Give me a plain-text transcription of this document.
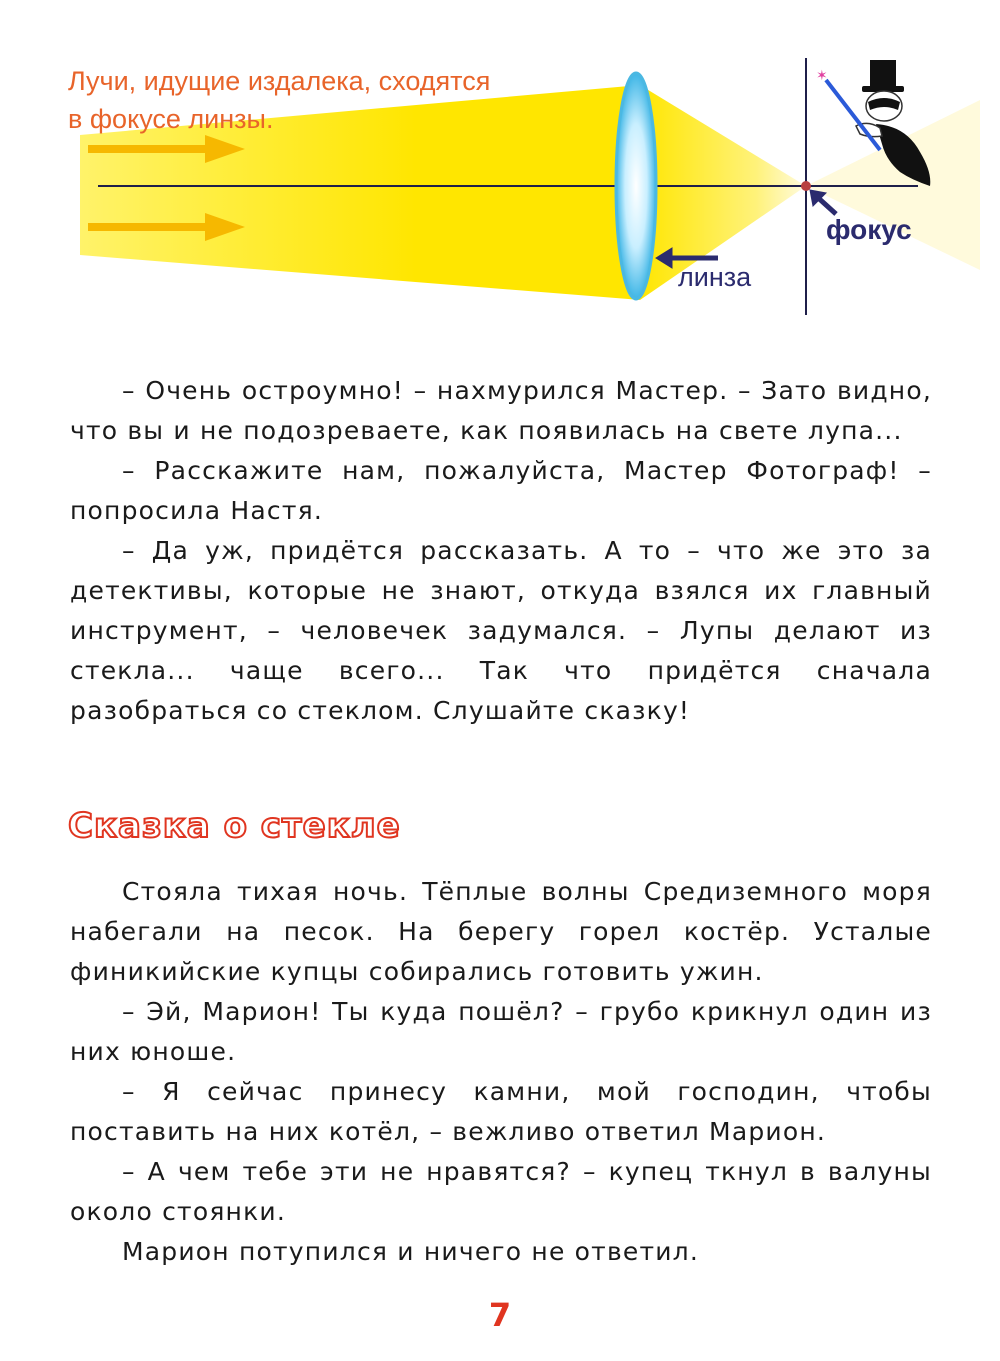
✶
Лучи, идущие издалека, сходятся
в фокусе линзы.
фокус
линза

– Очень остроумно! – нахмурился Мастер. – Зато видно, что вы и не подозреваете, как появилась на свете лупа...

– Расскажите нам, пожалуйста, Мастер Фотограф! – попросила Настя.

– Да уж, придётся рассказать. А то – что же это за детективы, которые не знают, откуда взялся их главный инструмент, – человечек задумался. – Лупы делают из стекла... чаще всего... Так что придётся сначала разобраться со стеклом. Слушайте сказку!

Сказка о стекле

Стояла тихая ночь. Тёплые волны Средиземного моря набегали на песок. На берегу горел костёр. Усталые финикийские купцы собирались готовить ужин.

– Эй, Марион! Ты куда пошёл? – грубо крикнул один из них юноше.

– Я сейчас принесу камни, мой господин, чтобы поставить на них котёл, – вежливо ответил Марион.

– А чем тебе эти не нравятся? – купец ткнул в валуны около стоянки.

Марион потупился и ничего не ответил.

7
